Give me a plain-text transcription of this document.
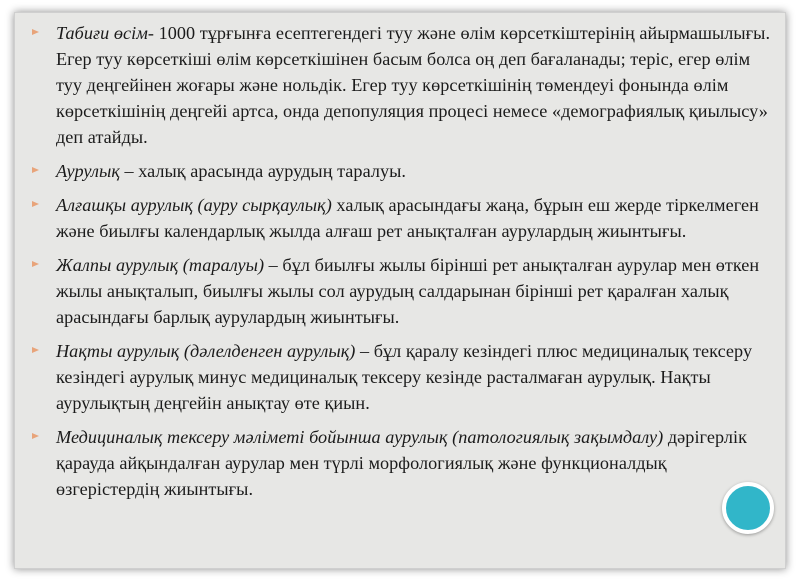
Табиғи өсім- 1000 тұрғынға есептегендегі туу және өлім көрсеткіштерінің айырмашылығы. Егер туу көрсеткіші өлім көрсеткішінен басым болса оң деп бағаланады; теріс, егер өлім туу деңгейінен жоғары және нольдік. Егер туу көрсеткішінің төмендеуі фонында өлім көрсеткішінің деңгейі артса, онда депопуляция процесі немесе «демографиялық қиылысу» деп атайды.
Аурулық – халық арасында аурудың таралуы.
Алғашқы аурулық (ауру сырқаулық) халық арасындағы жаңа, бұрын еш жерде тіркелмеген және биылғы календарлық жылда алғаш рет анықталған аурулардың жиынтығы.
Жалпы аурулық (таралуы) – бұл биылғы жылы бірінші рет анықталған аурулар мен өткен жылы анықталып, биылғы жылы сол аурудың салдарынан бірінші рет қаралған халық арасындағы барлық аурулардың жиынтығы.
Нақты аурулық (дәлелденген аурулық) – бұл қаралу кезіндегі плюс медициналық тексеру кезіндегі аурулық минус медициналық тексеру кезінде расталмаған аурулық. Нақты аурулықтың деңгейін анықтау өте қиын.
Медициналық тексеру мәліметі бойынша аурулық (патологиялық зақымдалу) дәрігерлік қарауда айқындалған аурулар мен түрлі морфологиялық және функционалдық өзгерістердің жиынтығы.
